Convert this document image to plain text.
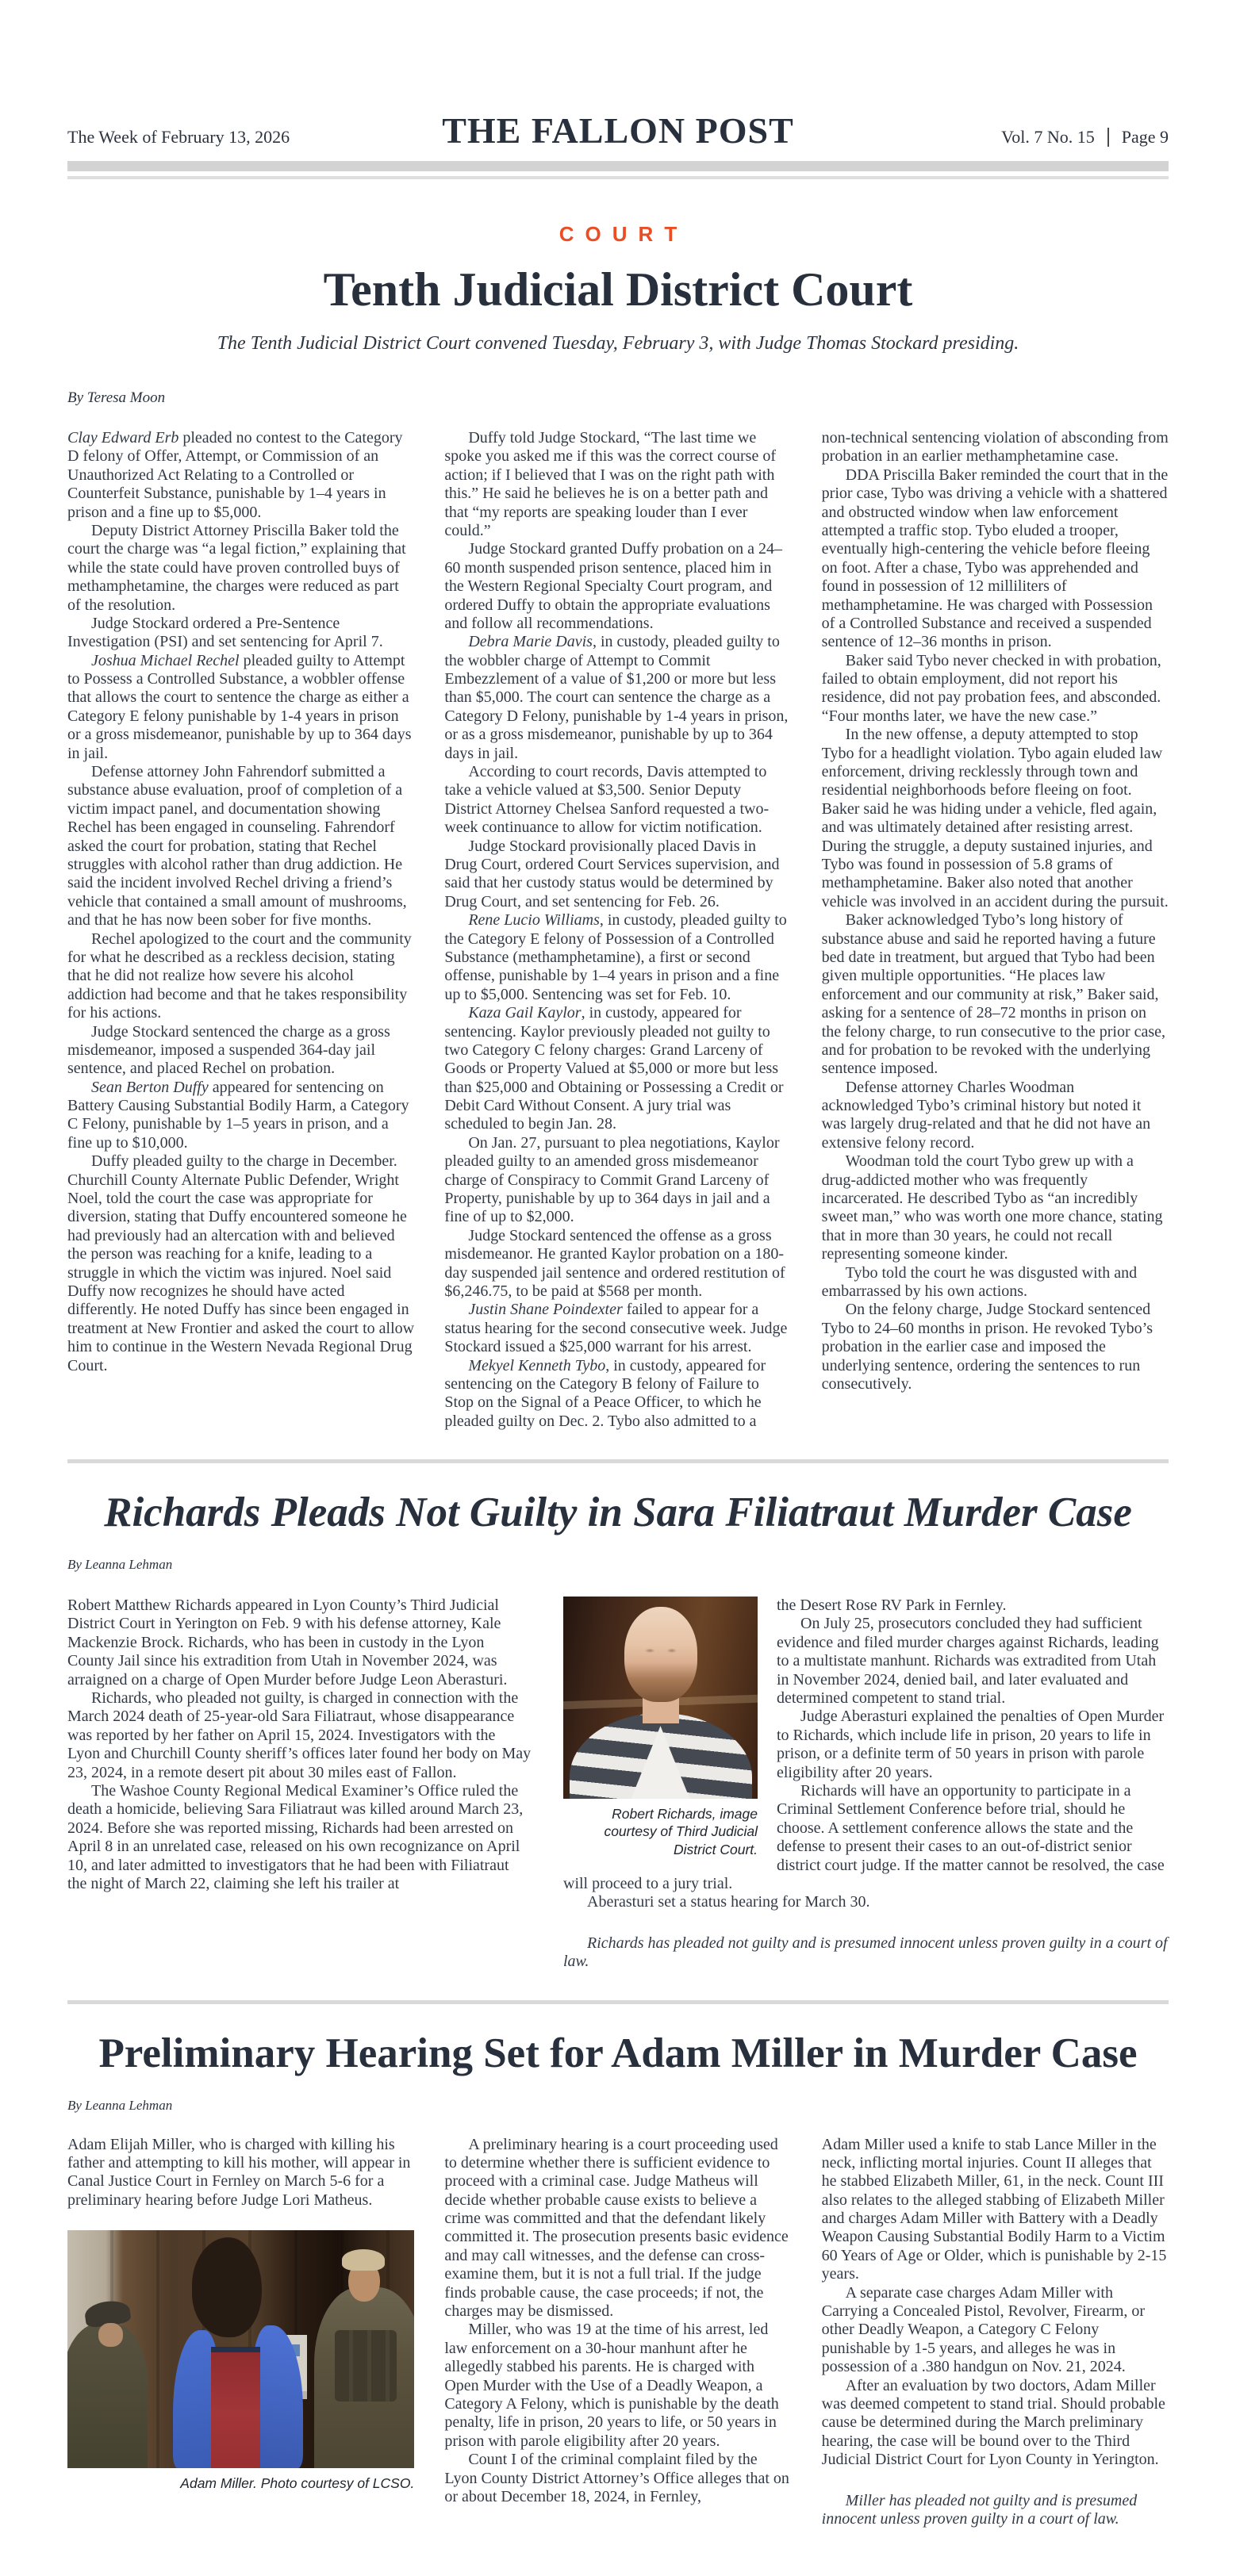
The Week of February 13, 2026	THE FALLON POST	Vol. 7 No. 15 Page 9
COURT
Tenth Judicial District Court
The Tenth Judicial District Court convened Tuesday, February 3, with Judge Thomas Stockard presiding.
By Teresa Moon

Clay Edward Erb pleaded no contest to the Category D felony of Offer, Attempt, or Commission of an Unauthorized Act Relating to a Controlled or Counterfeit Substance, punishable by 1–4 years in prison and a fine up to $5,000.

Deputy District Attorney Priscilla Baker told the court the charge was “a legal fiction,” explaining that while the state could have proven controlled buys of methamphetamine, the charges were reduced as part of the resolution.

Judge Stockard ordered a Pre-Sentence Investigation (PSI) and set sentencing for April 7.

Joshua Michael Rechel pleaded guilty to Attempt to Possess a Controlled Substance, a wobbler offense that allows the court to sentence the charge as either a Category E felony punishable by 1-4 years in prison or a gross misdemeanor, punishable by up to 364 days in jail.

Defense attorney John Fahrendorf submitted a substance abuse evaluation, proof of completion of a victim impact panel, and documentation showing Rechel has been engaged in counseling. Fahrendorf asked the court for probation, stating that Rechel struggles with alcohol rather than drug addiction. He said the incident involved Rechel driving a friend’s vehicle that contained a small amount of mushrooms, and that he has now been sober for five months.

Rechel apologized to the court and the community for what he described as a reckless decision, stating that he did not realize how severe his alcohol addiction had become and that he takes responsibility for his actions.

Judge Stockard sentenced the charge as a gross misdemeanor, imposed a suspended 364-day jail sentence, and placed Rechel on probation.

Sean Berton Duffy appeared for sentencing on Battery Causing Substantial Bodily Harm, a Category C Felony, punishable by 1–5 years in prison, and a fine up to $10,000.

Duffy pleaded guilty to the charge in December. Churchill County Alternate Public Defender, Wright Noel, told the court the case was appropriate for diversion, stating that Duffy encountered someone he had previously had an altercation with and believed the person was reaching for a knife, leading to a struggle in which the victim was injured. Noel said Duffy now recognizes he should have acted differently. He noted Duffy has since been engaged in treatment at New Frontier and asked the court to allow him to continue in the Western Nevada Regional Drug Court.

Duffy told Judge Stockard, “The last time we spoke you asked me if this was the correct course of action; if I believed that I was on the right path with this.” He said he believes he is on a better path and that “my reports are speaking louder than I ever could.”

Judge Stockard granted Duffy probation on a 24–60 month suspended prison sentence, placed him in the Western Regional Specialty Court program, and ordered Duffy to obtain the appropriate evaluations and follow all recommendations.

Debra Marie Davis, in custody, pleaded guilty to the wobbler charge of Attempt to Commit Embezzlement of a value of $1,200 or more but less than $5,000. The court can sentence the charge as a Category D Felony, punishable by 1-4 years in prison, or as a gross misdemeanor, punishable by up to 364 days in jail.

According to court records, Davis attempted to take a vehicle valued at $3,500. Senior Deputy District Attorney Chelsea Sanford requested a two-week continuance to allow for victim notification.

Judge Stockard provisionally placed Davis in Drug Court, ordered Court Services supervision, and said that her custody status would be determined by Drug Court, and set sentencing for Feb. 26.

Rene Lucio Williams, in custody, pleaded guilty to the Category E felony of Possession of a Controlled Substance (methamphetamine), a first or second offense, punishable by 1–4 years in prison and a fine up to $5,000. Sentencing was set for Feb. 10.

Kaza Gail Kaylor, in custody, appeared for sentencing. Kaylor previously pleaded not guilty to two Category C felony charges: Grand Larceny of Goods or Property Valued at $5,000 or more but less than $25,000 and Obtaining or Possessing a Credit or Debit Card Without Consent. A jury trial was scheduled to begin Jan. 28.

On Jan. 27, pursuant to plea negotiations, Kaylor pleaded guilty to an amended gross misdemeanor charge of Conspiracy to Commit Grand Larceny of Property, punishable by up to 364 days in jail and a fine of up to $2,000.

Judge Stockard sentenced the offense as a gross misdemeanor. He granted Kaylor probation on a 180-day suspended jail sentence and ordered restitution of $6,246.75, to be paid at $568 per month.

Justin Shane Poindexter failed to appear for a status hearing for the second consecutive week. Judge Stockard issued a $25,000 warrant for his arrest.

Mekyel Kenneth Tybo, in custody, appeared for sentencing on the Category B felony of Failure to Stop on the Signal of a Peace Officer, to which he pleaded guilty on Dec. 2. Tybo also admitted to a

non-technical sentencing violation of absconding from probation in an earlier methamphetamine case.

DDA Priscilla Baker reminded the court that in the prior case, Tybo was driving a vehicle with a shattered and obstructed window when law enforcement attempted a traffic stop. Tybo eluded a trooper, eventually high-centering the vehicle before fleeing on foot. After a chase, Tybo was apprehended and found in possession of 12 milliliters of methamphetamine. He was charged with Possession of a Controlled Substance and received a suspended sentence of 12–36 months in prison.

Baker said Tybo never checked in with probation, failed to obtain employment, did not report his residence, did not pay probation fees, and absconded. “Four months later, we have the new case.”

In the new offense, a deputy attempted to stop Tybo for a headlight violation. Tybo again eluded law enforcement, driving recklessly through town and residential neighborhoods before fleeing on foot. Baker said he was hiding under a vehicle, fled again, and was ultimately detained after resisting arrest. During the struggle, a deputy sustained injuries, and Tybo was found in possession of 5.8 grams of methamphetamine. Baker also noted that another vehicle was involved in an accident during the pursuit.

Baker acknowledged Tybo’s long history of substance abuse and said he reported having a future bed date in treatment, but argued that Tybo had been given multiple opportunities. “He places law enforcement and our community at risk,” Baker said, asking for a sentence of 28–72 months in prison on the felony charge, to run consecutive to the prior case, and for probation to be revoked with the underlying sentence imposed.

Defense attorney Charles Woodman acknowledged Tybo’s criminal history but noted it was largely drug-related and that he did not have an extensive felony record.

Woodman told the court Tybo grew up with a drug-addicted mother who was frequently incarcerated. He described Tybo as “an incredibly sweet man,” who was worth one more chance, stating that in more than 30 years, he could not recall representing someone kinder.

Tybo told the court he was disgusted with and embarrassed by his own actions.

On the felony charge, Judge Stockard sentenced Tybo to 24–60 months in prison. He revoked Tybo’s probation in the earlier case and imposed the underlying sentence, ordering the sentences to run consecutively.

Richards Pleads Not Guilty in Sara Filiatraut Murder Case
By Leanna Lehman

Robert Matthew Richards appeared in Lyon County’s Third Judicial District Court in Yerington on Feb. 9 with his defense attorney, Kale Mackenzie Brock. Richards, who has been in custody in the Lyon County Jail since his extradition from Utah in November 2024, was arraigned on a charge of Open Murder before Judge Leon Aberasturi.

Richards, who pleaded not guilty, is charged in connection with the March 2024 death of 25-year-old Sara Filiatraut, whose disappearance was reported by her father on April 15, 2024. Investigators with the Lyon and Churchill County sheriff’s offices later found her body on May 23, 2024, in a remote desert pit about 30 miles east of Fallon.

The Washoe County Regional Medical Examiner’s Office ruled the death a homicide, believing Sara Filiatraut was killed around March 23, 2024. Before she was reported missing, Richards had been arrested on April 8 in an unrelated case, released on his own recognizance on April 10, and later admitted to investigators that he had been with Filiatraut the night of March 22, claiming she left his trailer at

Robert Richards, image courtesy of Third Judicial District Court.

the Desert Rose RV Park in Fernley.

On July 25, prosecutors concluded they had sufficient evidence and filed murder charges against Richards, leading to a multistate manhunt. Richards was extradited from Utah in November 2024, denied bail, and later evaluated and determined competent to stand trial.

Judge Aberasturi explained the penalties of Open Murder to Richards, which include life in prison, 20 years to life in prison, or a definite term of 50 years in prison with parole eligibility after 20 years.

Richards will have an opportunity to participate in a Criminal Settlement Conference before trial, should he choose. A settlement conference allows the state and the defense to present their cases to an out-of-district senior district court judge. If the matter cannot be resolved, the case will proceed to a jury trial.

Aberasturi set a status hearing for March 30.

Richards has pleaded not guilty and is presumed innocent unless proven guilty in a court of law.

Preliminary Hearing Set for Adam Miller in Murder Case
By Leanna Lehman

Adam Elijah Miller, who is charged with killing his father and attempting to kill his mother, will appear in Canal Justice Court in Fernley on March 5-6 for a preliminary hearing before Judge Lori Matheus.

Adam Miller. Photo courtesy of LCSO.

A preliminary hearing is a court proceeding used to determine whether there is sufficient evidence to proceed with a criminal case. Judge Matheus will decide whether probable cause exists to believe a crime was committed and that the defendant likely committed it. The prosecution presents basic evidence and may call witnesses, and the defense can cross-examine them, but it is not a full trial. If the judge finds probable cause, the case proceeds; if not, the charges may be dismissed.

Miller, who was 19 at the time of his arrest, led law enforcement on a 30-hour manhunt after he allegedly stabbed his parents. He is charged with Open Murder with the Use of a Deadly Weapon, a Category A Felony, which is punishable by the death penalty, life in prison, 20 years to life, or 50 years in prison with parole eligibility after 20 years.

Count I of the criminal complaint filed by the Lyon County District Attorney’s Office alleges that on or about December 18, 2024, in Fernley,

Adam Miller used a knife to stab Lance Miller in the neck, inflicting mortal injuries. Count II alleges that he stabbed Elizabeth Miller, 61, in the neck. Count III also relates to the alleged stabbing of Elizabeth Miller and charges Adam Miller with Battery with a Deadly Weapon Causing Substantial Bodily Harm to a Victim 60 Years of Age or Older, which is punishable by 2-15 years.

A separate case charges Adam Miller with Carrying a Concealed Pistol, Revolver, Firearm, or other Deadly Weapon, a Category C Felony punishable by 1-5 years, and alleges he was in possession of a .380 handgun on Nov. 21, 2024.

After an evaluation by two doctors, Adam Miller was deemed competent to stand trial. Should probable cause be determined during the March preliminary hearing, the case will be bound over to the Third Judicial District Court for Lyon County in Yerington.

Miller has pleaded not guilty and is presumed innocent unless proven guilty in a court of law.
